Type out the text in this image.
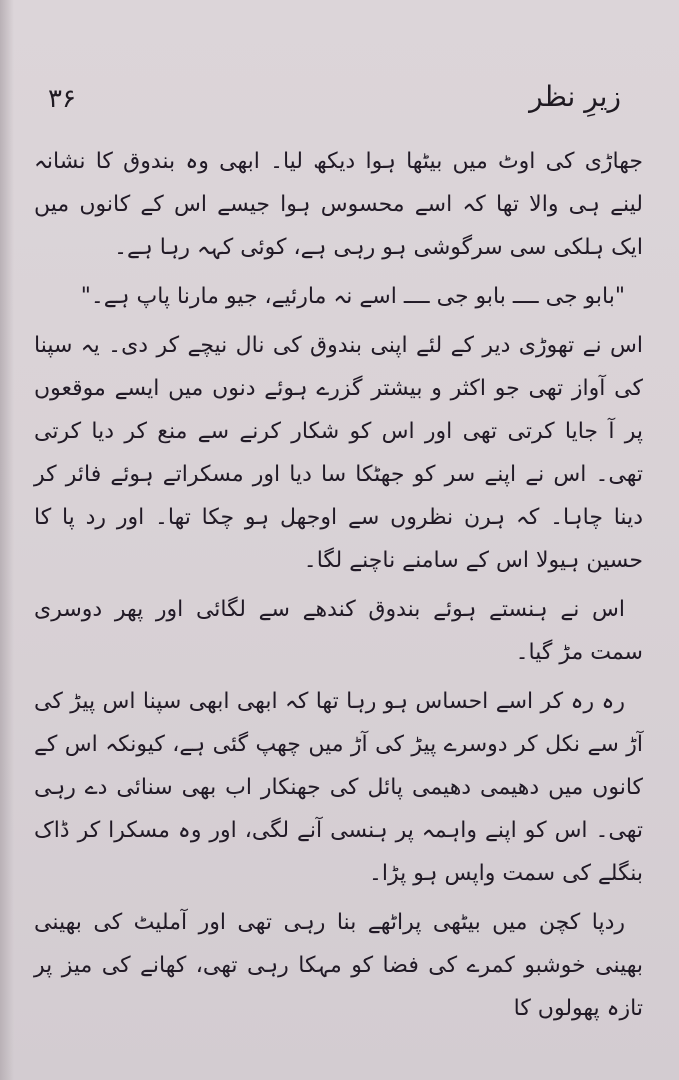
۳۶	زیرِ نظر

جھاڑی کی اوٹ میں بیٹھا ہوا دیکھ لیا۔ ابھی وہ بندوق کا نشانہ لینے ہی والا تھا کہ اسے محسوس ہوا جیسے اس کے کانوں میں ایک ہلکی سی سرگوشی ہو رہی ہے، کوئی کہہ رہا ہے۔

"بابو جی ــــ بابو جی ــــ اسے نہ مارئیے، جیو مارنا پاپ ہے۔"

اس نے تھوڑی دیر کے لئے اپنی بندوق کی نال نیچے کر دی۔ یہ سپنا کی آواز تھی جو اکثر و بیشتر گزرے ہوئے دنوں میں ایسے موقعوں پر آ جایا کرتی تھی اور اس کو شکار کرنے سے منع کر دیا کرتی تھی۔ اس نے اپنے سر کو جھٹکا سا دیا اور مسکراتے ہوئے فائر کر دینا چاہا۔ کہ ہرن نظروں سے اوجھل ہو چکا تھا۔ اور رد پا کا حسین ہیولا اس کے سامنے ناچنے لگا۔

اس نے ہنستے ہوئے بندوق کندھے سے لگائی اور پھر دوسری سمت مڑ گیا۔

رہ رہ کر اسے احساس ہو رہا تھا کہ ابھی ابھی سپنا اس پیڑ کی آڑ سے نکل کر دوسرے پیڑ کی آڑ میں چھپ گئی ہے، کیونکہ اس کے کانوں میں دھیمی دھیمی پائل کی جھنکار اب بھی سنائی دے رہی تھی۔ اس کو اپنے واہمہ پر ہنسی آنے لگی، اور وہ مسکرا کر ڈاک بنگلے کی سمت واپس ہو پڑا۔

ردپا کچن میں بیٹھی پراٹھے بنا رہی تھی اور آملیٹ کی بھینی بھینی خوشبو کمرے کی فضا کو مہکا رہی تھی، کھانے کی میز پر تازہ پھولوں کا
